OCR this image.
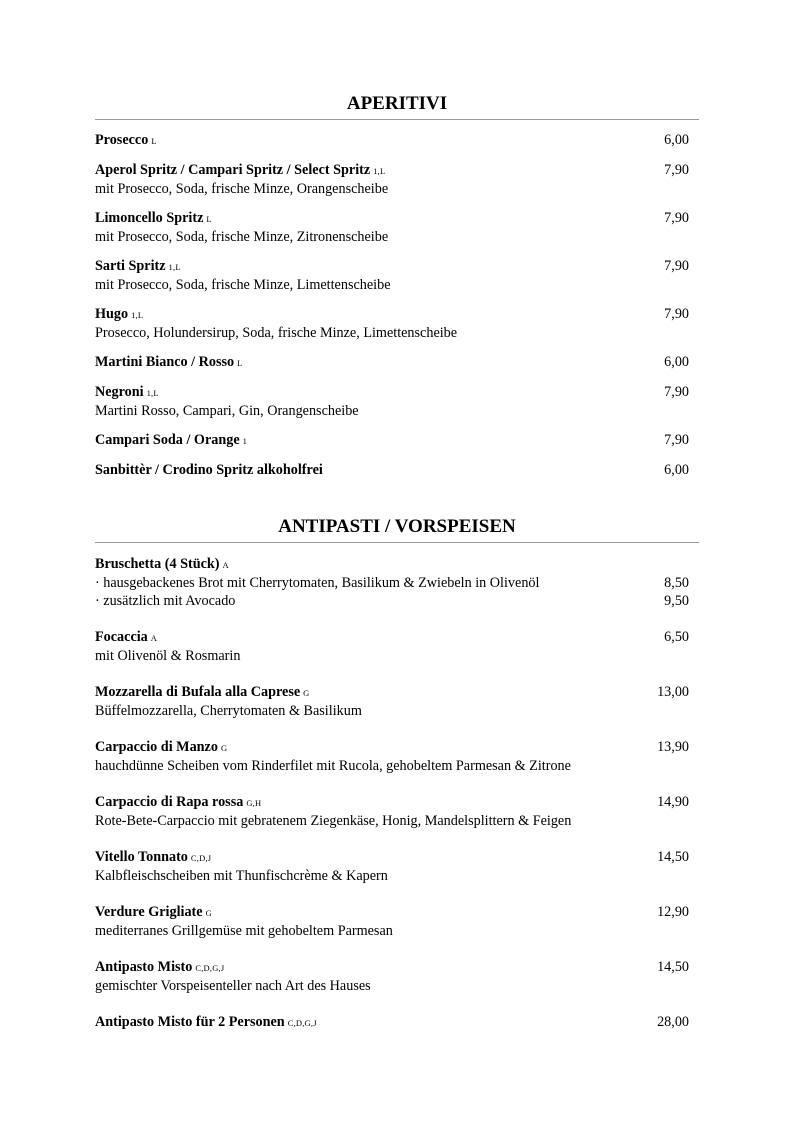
APERITIVI
Prosecco L	6,00
Aperol Spritz / Campari Spritz / Select Spritz 1,L	7,90
mit Prosecco, Soda, frische Minze, Orangenscheibe
Limoncello Spritz L	7,90
mit Prosecco, Soda, frische Minze, Zitronenscheibe
Sarti Spritz 1,L	7,90
mit Prosecco, Soda, frische Minze, Limettenscheibe
Hugo 1,L	7,90
Prosecco, Holundersirup, Soda, frische Minze, Limettenscheibe
Martini Bianco / Rosso L	6,00
Negroni 1,L	7,90
Martini Rosso, Campari, Gin, Orangenscheibe
Campari Soda / Orange 1	7,90
Sanbittèr / Crodino Spritz alkoholfrei	6,00
ANTIPASTI / VORSPEISEN
Bruschetta (4 Stück) A
· hausgebackenes Brot mit Cherrytomaten, Basilikum & Zwiebeln in Olivenöl	8,50
· zusätzlich mit Avocado	9,50
Focaccia A	6,50
mit Olivenöl & Rosmarin
Mozzarella di Bufala alla Caprese G	13,00
Büffelmozzarella, Cherrytomaten & Basilikum
Carpaccio di Manzo G	13,90
hauchdünne Scheiben vom Rinderfilet mit Rucola, gehobeltem Parmesan & Zitrone
Carpaccio di Rapa rossa G,H	14,90
Rote-Bete-Carpaccio mit gebratenem Ziegenkäse, Honig, Mandelsplittern & Feigen
Vitello Tonnato C,D,J	14,50
Kalbfleischscheiben mit Thunfischcrème & Kapern
Verdure Grigliate G	12,90
mediterranes Grillgemüse mit gehobeltem Parmesan
Antipasto Misto C,D,G,J	14,50
gemischter Vorspeisenteller nach Art des Hauses
Antipasto Misto für 2 Personen C,D,G,J	28,00
